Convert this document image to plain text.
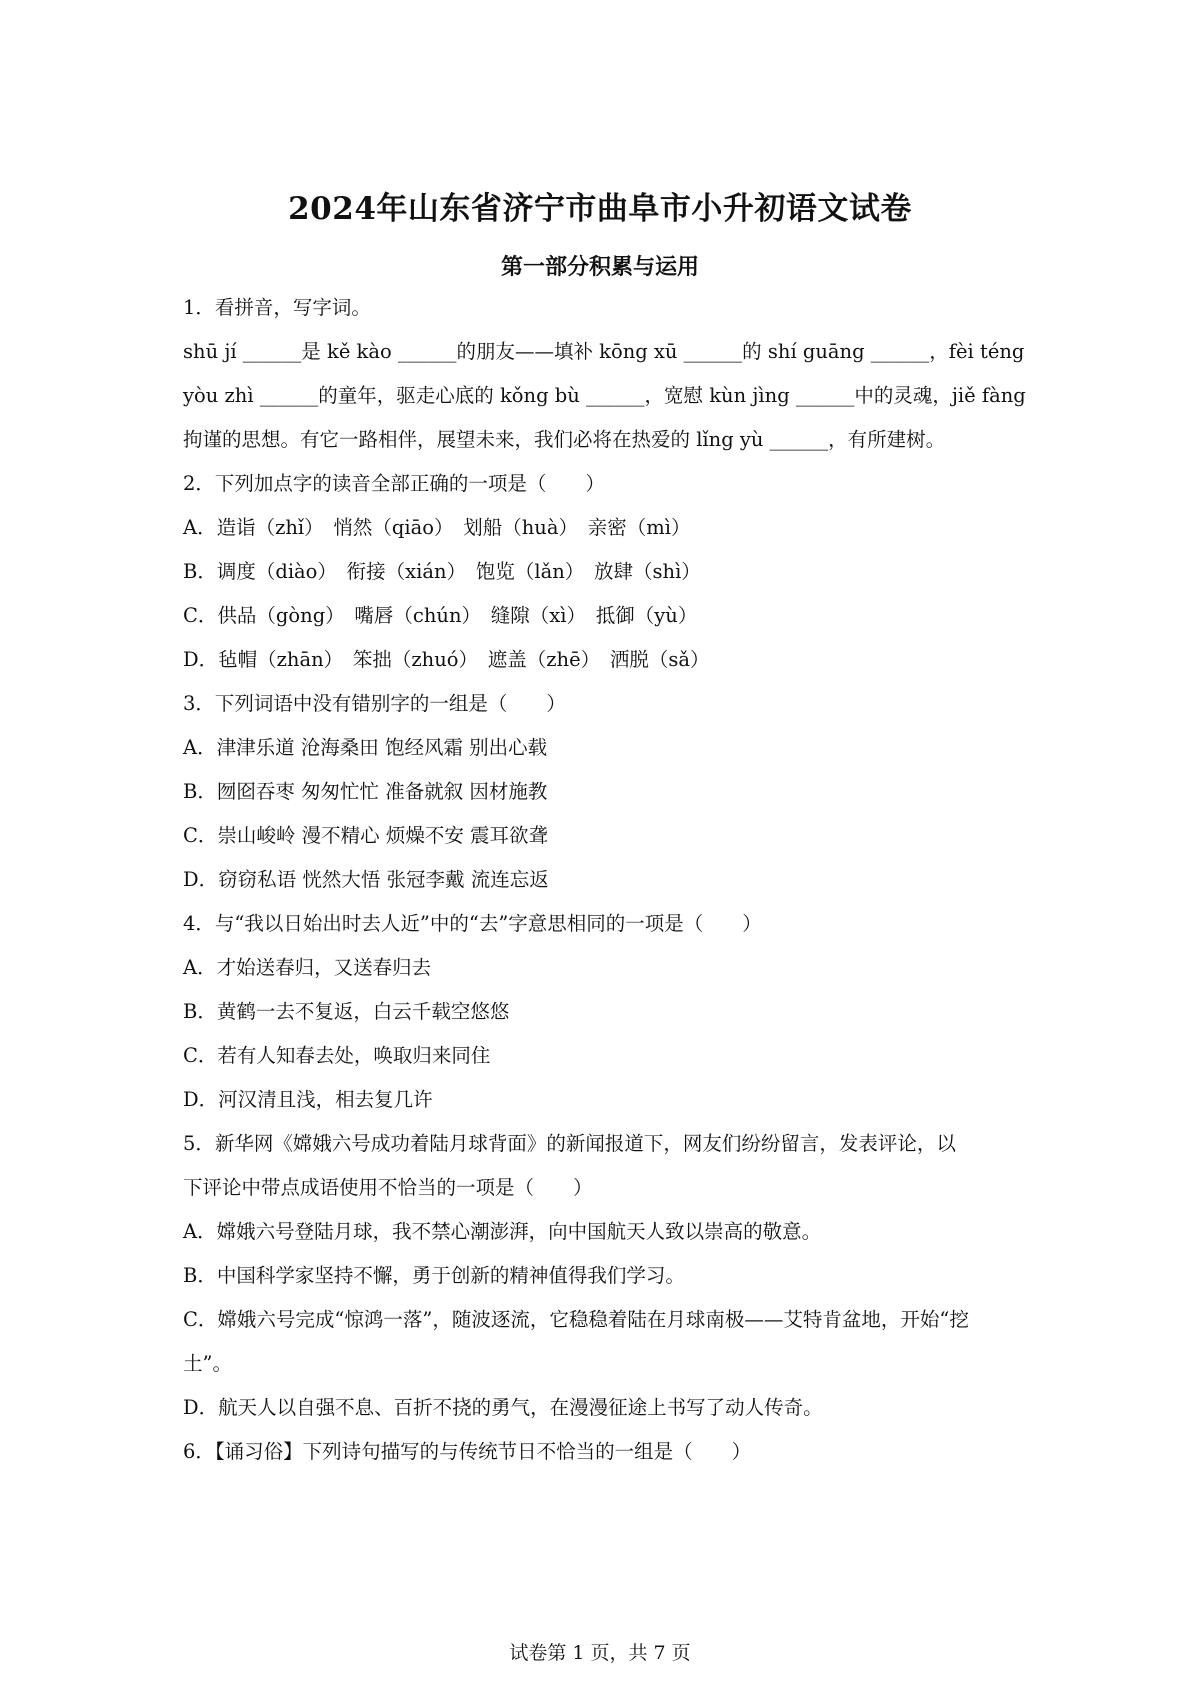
2024年山东省济宁市曲阜市小升初语文试卷
第一部分积累与运用
1．看拼音，写字词。
shū jí ______是 kě kào ______的朋友——填补 kōng xū ______的 shí guāng ______，fèi téng
yòu zhì ______的童年，驱走心底的 kǒng bù ______，宽慰 kùn jìng ______中的灵魂，jiě fàng
拘谨的思想。有它一路相伴，展望未来，我们必将在热爱的 lǐng yù ______，有所建树。
2．下列加点字的读音全部正确的一项是（　　）
A．造诣（zhǐ）　悄然（qiāo）　划船（huà）　亲密（mì）
B．调度（diào）　衔接（xián）　饱览（lǎn）　放肆（shì）
C．供品（gòng）　嘴唇（chún）　缝隙（xì）　抵御（yù）
D．毡帽（zhān）　笨拙（zhuó）　遮盖（zhē）　洒脱（sǎ）
3．下列词语中没有错别字的一组是（　　）
A．津津乐道 沧海桑田 饱经风霜 别出心载
B．囫囵吞枣 匆匆忙忙 准备就叙 因材施教
C．崇山峻岭 漫不精心 烦燥不安 震耳欲聋
D．窃窃私语 恍然大悟 张冠李戴 流连忘返
4．与“我以日始出时去人近”中的“去”字意思相同的一项是（　　）
A．才始送春归，又送春归去
B．黄鹤一去不复返，白云千载空悠悠
C．若有人知春去处，唤取归来同住
D．河汉清且浅，相去复几许
5．新华网《嫦娥六号成功着陆月球背面》的新闻报道下，网友们纷纷留言，发表评论，以
下评论中带点成语使用不恰当的一项是（　　）
A．嫦娥六号登陆月球，我不禁心潮澎湃，向中国航天人致以崇高的敬意。
B．中国科学家坚持不懈，勇于创新的精神值得我们学习。
C．嫦娥六号完成“惊鸿一落”，随波逐流，它稳稳着陆在月球南极——艾特肯盆地，开始“挖
土”。
D．航天人以自强不息、百折不挠的勇气，在漫漫征途上书写了动人传奇。
6．【诵习俗】下列诗句描写的与传统节日不恰当的一组是（　　）
试卷第 1 页，共 7 页
